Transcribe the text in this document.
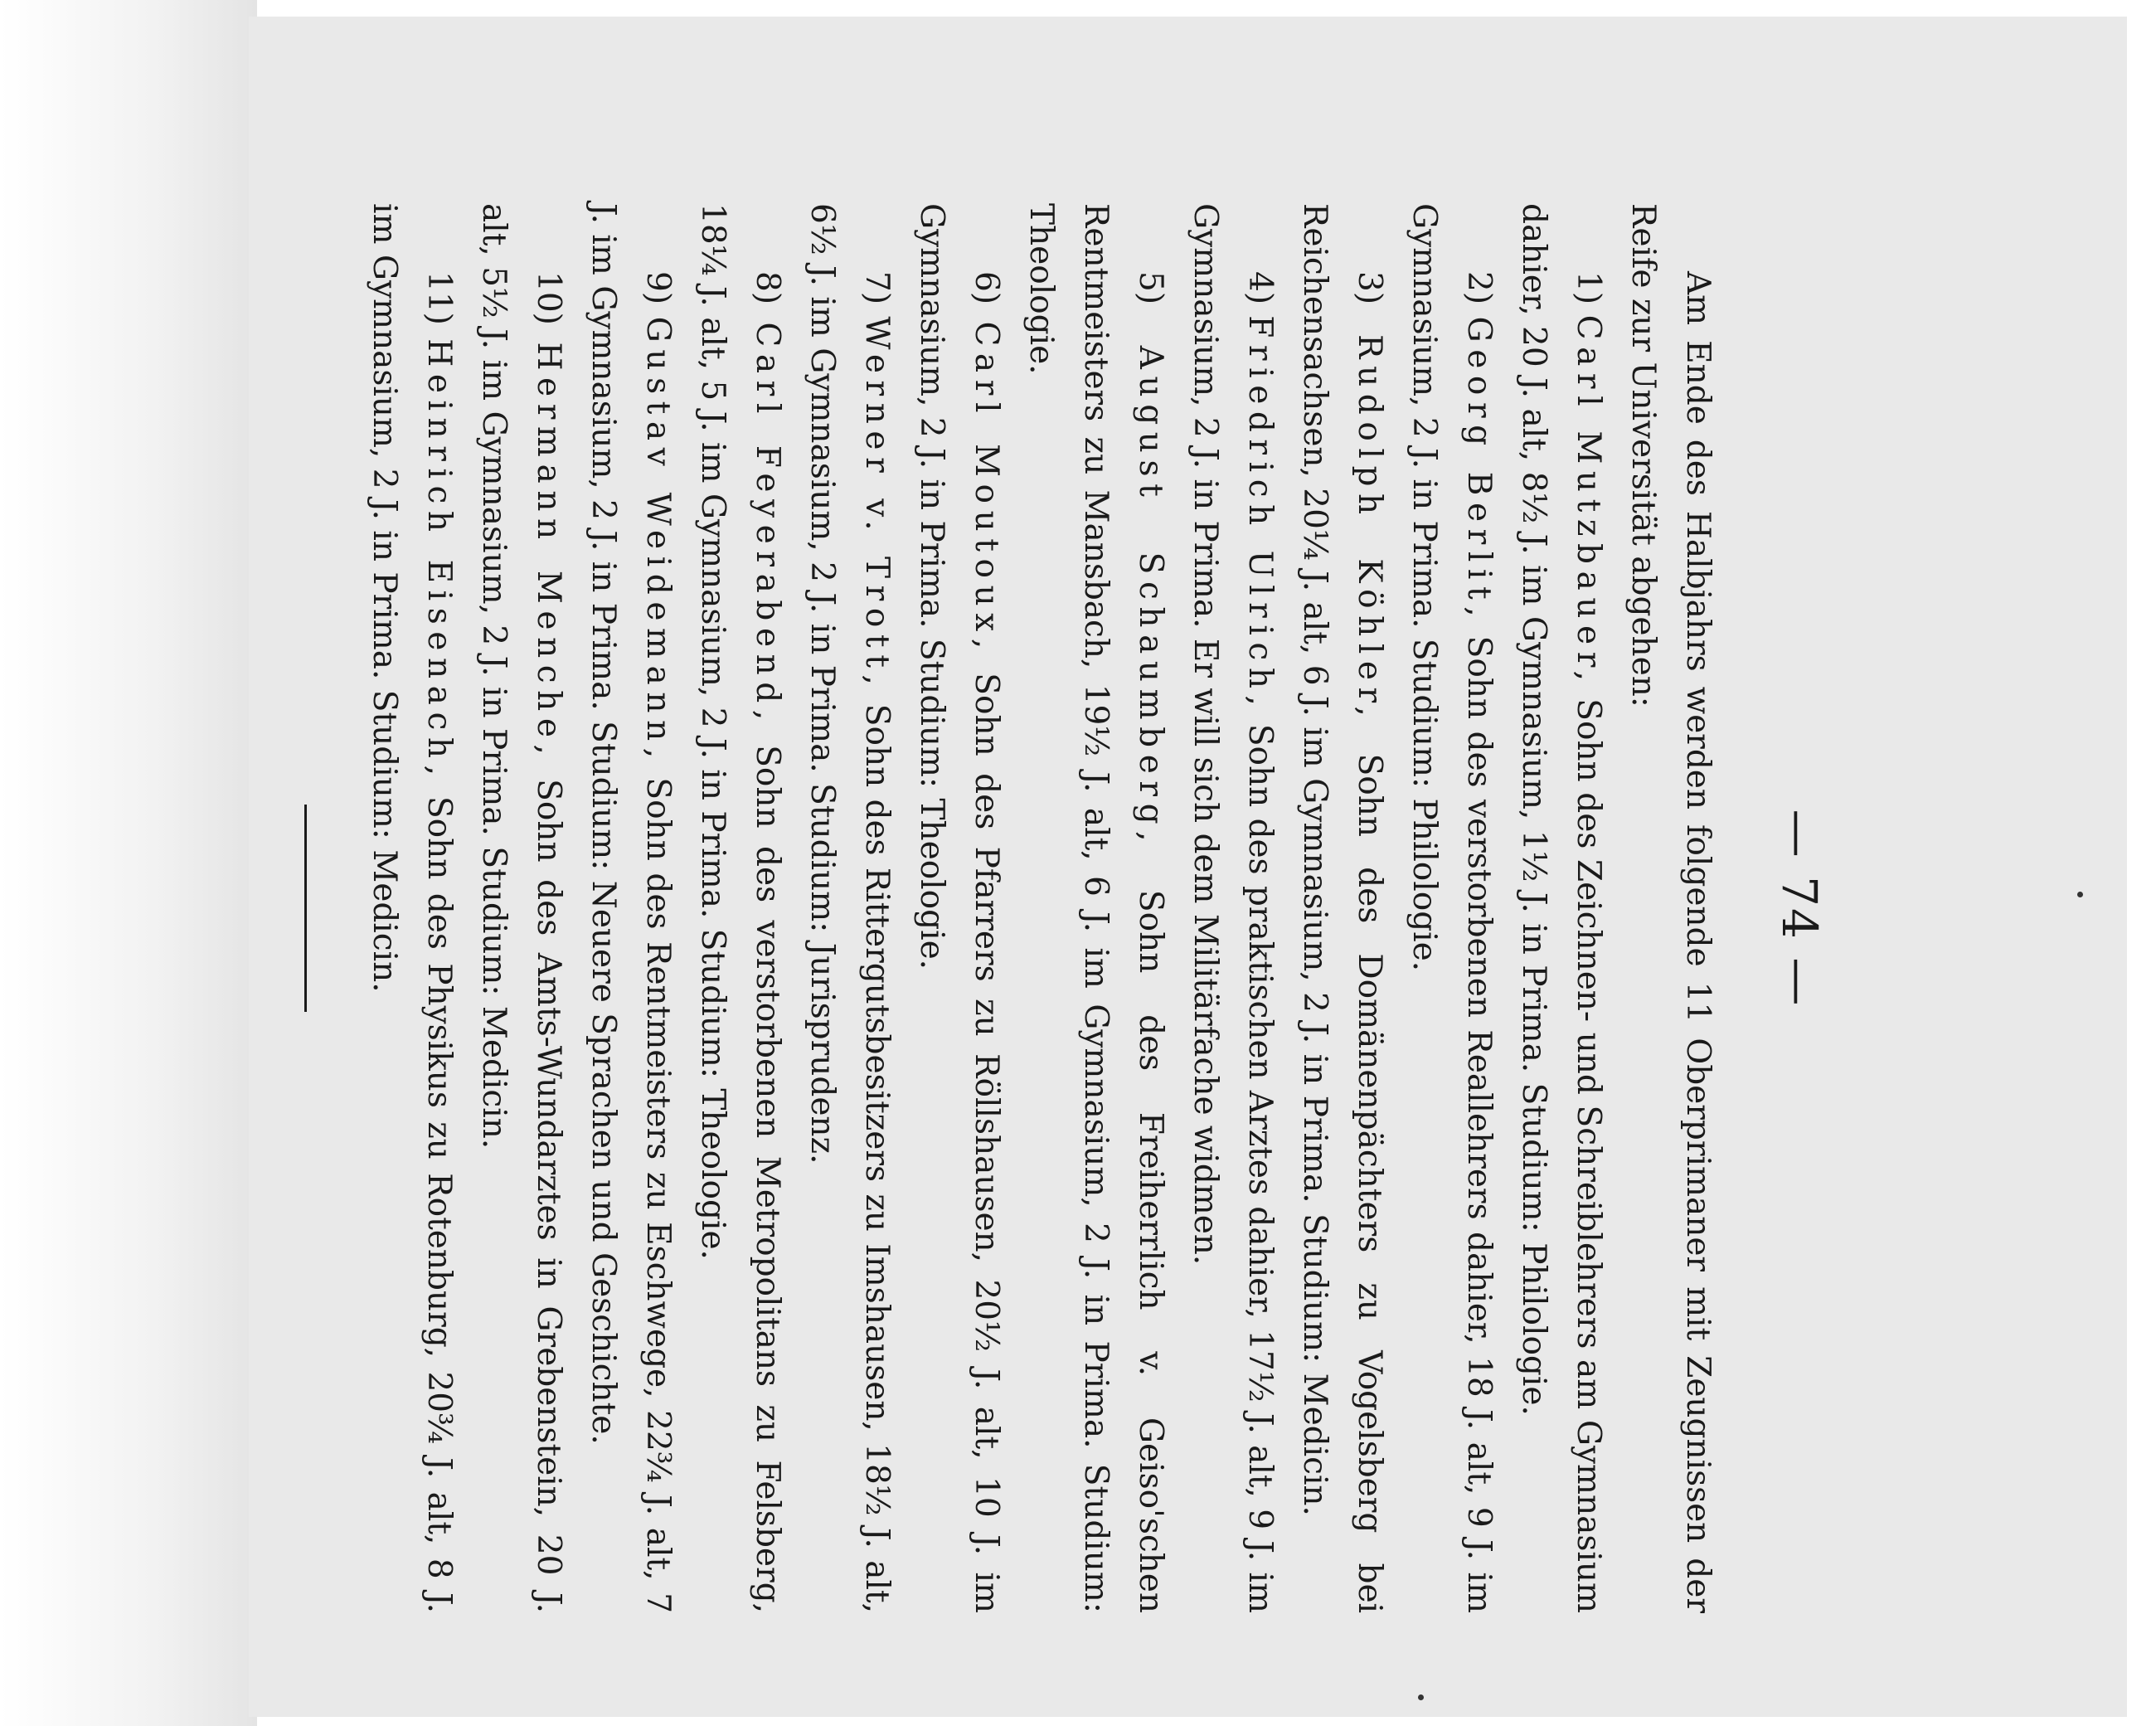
— 74 —

Am Ende des Halbjahrs werden folgende 11 Oberprimaner mit Zeugnissen der Reife zur Universität abgehen:

1) Carl Mutzbauer, Sohn des Zeichnen- und Schreiblehrers am Gymnasium dahier, 20 J. alt, 8½ J. im Gymnasium, 1½ J. in Prima. Studium: Philologie.

2) Georg Berlit, Sohn des verstorbenen Reallehrers dahier, 18 J. alt, 9 J. im Gymnasium, 2 J. in Prima. Studium: Philologie.

3) Rudolph Köhler, Sohn des Domänenpächters zu Vogelsberg bei Reichensachsen, 20¼ J. alt, 6 J. im Gymnasium, 2 J. in Prima. Studium: Medicin.

4) Friedrich Ulrich, Sohn des praktischen Arztes dahier, 17½ J. alt, 9 J. im Gymnasium, 2 J. in Prima. Er will sich dem Militärfache widmen.

5) August Schaumberg, Sohn des Freiherrlich v. Geiso'schen Rentmeisters zu Mansbach, 19½ J. alt, 6 J. im Gymnasium, 2 J. in Prima. Studium: Theologie.

6) Carl Moutoux, Sohn des Pfarrers zu Röllshausen, 20½ J. alt, 10 J. im Gymnasium, 2 J. in Prima. Studium: Theologie.

7) Werner v. Trott, Sohn des Rittergutsbesitzers zu Imshausen, 18½ J. alt, 6½ J. im Gymnasium, 2 J. in Prima. Studium: Jurisprudenz.

8) Carl Feyerabend, Sohn des verstorbenen Metropolitans zu Felsberg, 18¼ J. alt, 5 J. im Gymnasium, 2 J. in Prima. Studium: Theologie.

9) Gustav Weidemann, Sohn des Rentmeisters zu Eschwege, 22¾ J. alt, 7 J. im Gymnasium, 2 J. in Prima. Studium: Neuere Sprachen und Geschichte.

10) Hermann Menche, Sohn des Amts-Wundarztes in Grebenstein, 20 J. alt, 5½ J. im Gymnasium, 2 J. in Prima. Studium: Medicin.

11) Heinrich Eisenach, Sohn des Physikus zu Rotenburg, 20¾ J. alt, 8 J. im Gymnasium, 2 J. in Prima. Studium: Medicin.
